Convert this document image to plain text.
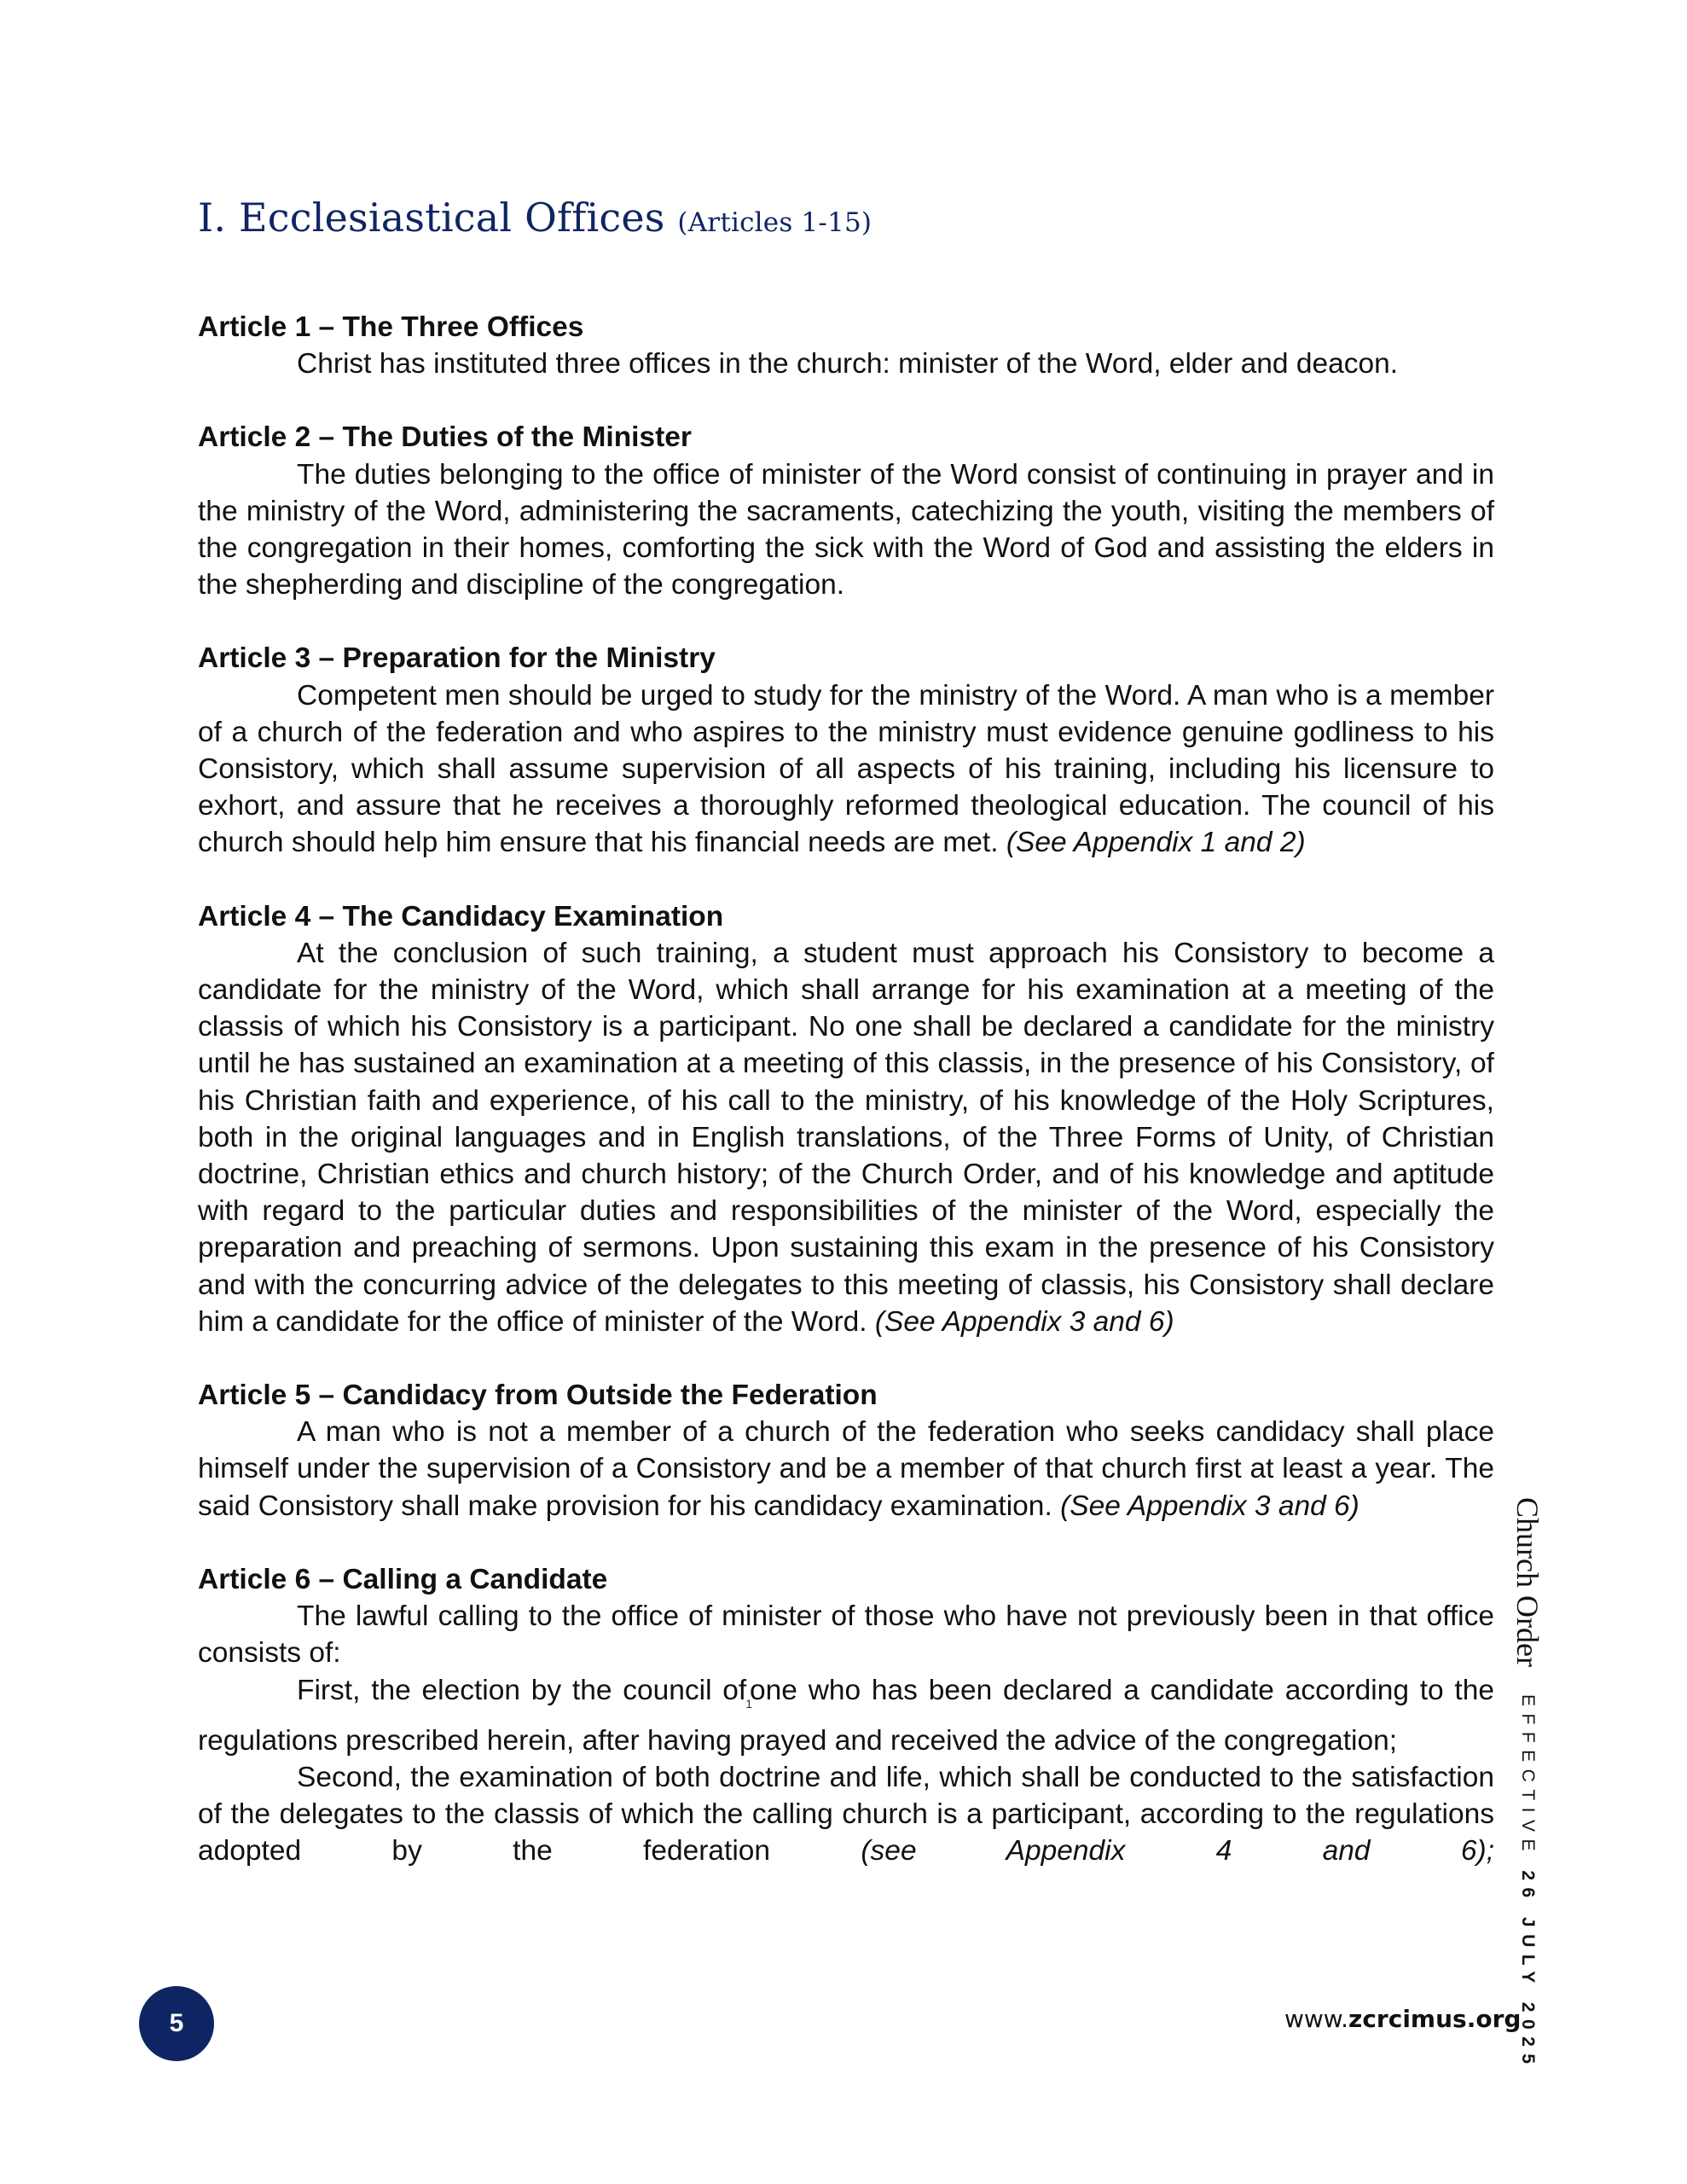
I. Ecclesiastical Offices (Articles 1-15)

Article 1 – The Three Offices

Christ has instituted three offices in the church: minister of the Word, elder and deacon.

Article 2 – The Duties of the Minister

The duties belonging to the office of minister of the Word consist of continuing in prayer and in the ministry of the Word, administering the sacraments, catechizing the youth, visiting the members of the congregation in their homes, comforting the sick with the Word of God and assisting the elders in the shepherding and discipline of the congregation.

Article 3 – Preparation for the Ministry

Competent men should be urged to study for the ministry of the Word. A man who is a member of a church of the federation and who aspires to the ministry must evidence genuine godliness to his Consistory, which shall assume supervision of all aspects of his training, including his licensure to exhort, and assure that he receives a thoroughly reformed theological education. The council of his church should help him ensure that his financial needs are met. (See Appendix 1 and 2)

Article 4 – The Candidacy Examination

At the conclusion of such training, a student must approach his Consistory to become a candidate for the ministry of the Word, which shall arrange for his examination at a meeting of the classis of which his Consistory is a participant. No one shall be declared a candidate for the ministry until he has sustained an examination at a meeting of this classis, in the presence of his Consistory, of his Christian faith and experience, of his call to the ministry, of his knowledge of the Holy Scriptures, both in the original languages and in English translations, of the Three Forms of Unity, of Christian doctrine, Christian ethics and church history; of the Church Order, and of his knowledge and aptitude with regard to the particular duties and responsibilities of the minister of the Word, especially the preparation and preaching of sermons. Upon sustaining this exam in the presence of his Consistory and with the concurring advice of the delegates to this meeting of classis, his Consistory shall declare him a candidate for the office of minister of the Word. (See Appendix 3 and 6)

Article 5 – Candidacy from Outside the Federation

A man who is not a member of a church of the federation who seeks candidacy shall place himself under the supervision of a Consistory and be a member of that church first at least a year. The said Consistory shall make provision for his candidacy examination. (See Appendix 3 and 6)

Article 6 – Calling a Candidate

The lawful calling to the office of minister of those who have not previously been in that office consists of:

First, the election by the council of$^1$one who has been declared a candidate according to the regulations prescribed herein, after having prayed and received the advice of the congregation;

Second, the examination of both doctrine and life, which shall be conducted to the satisfaction of the delegates to the classis of which the calling church is a participant, according to the regulations adopted by the federation	(see Appendix 4 and 6);

Church Order
EFFECTIVE 26 JULY 2025
5	www.zcrcimus.org
